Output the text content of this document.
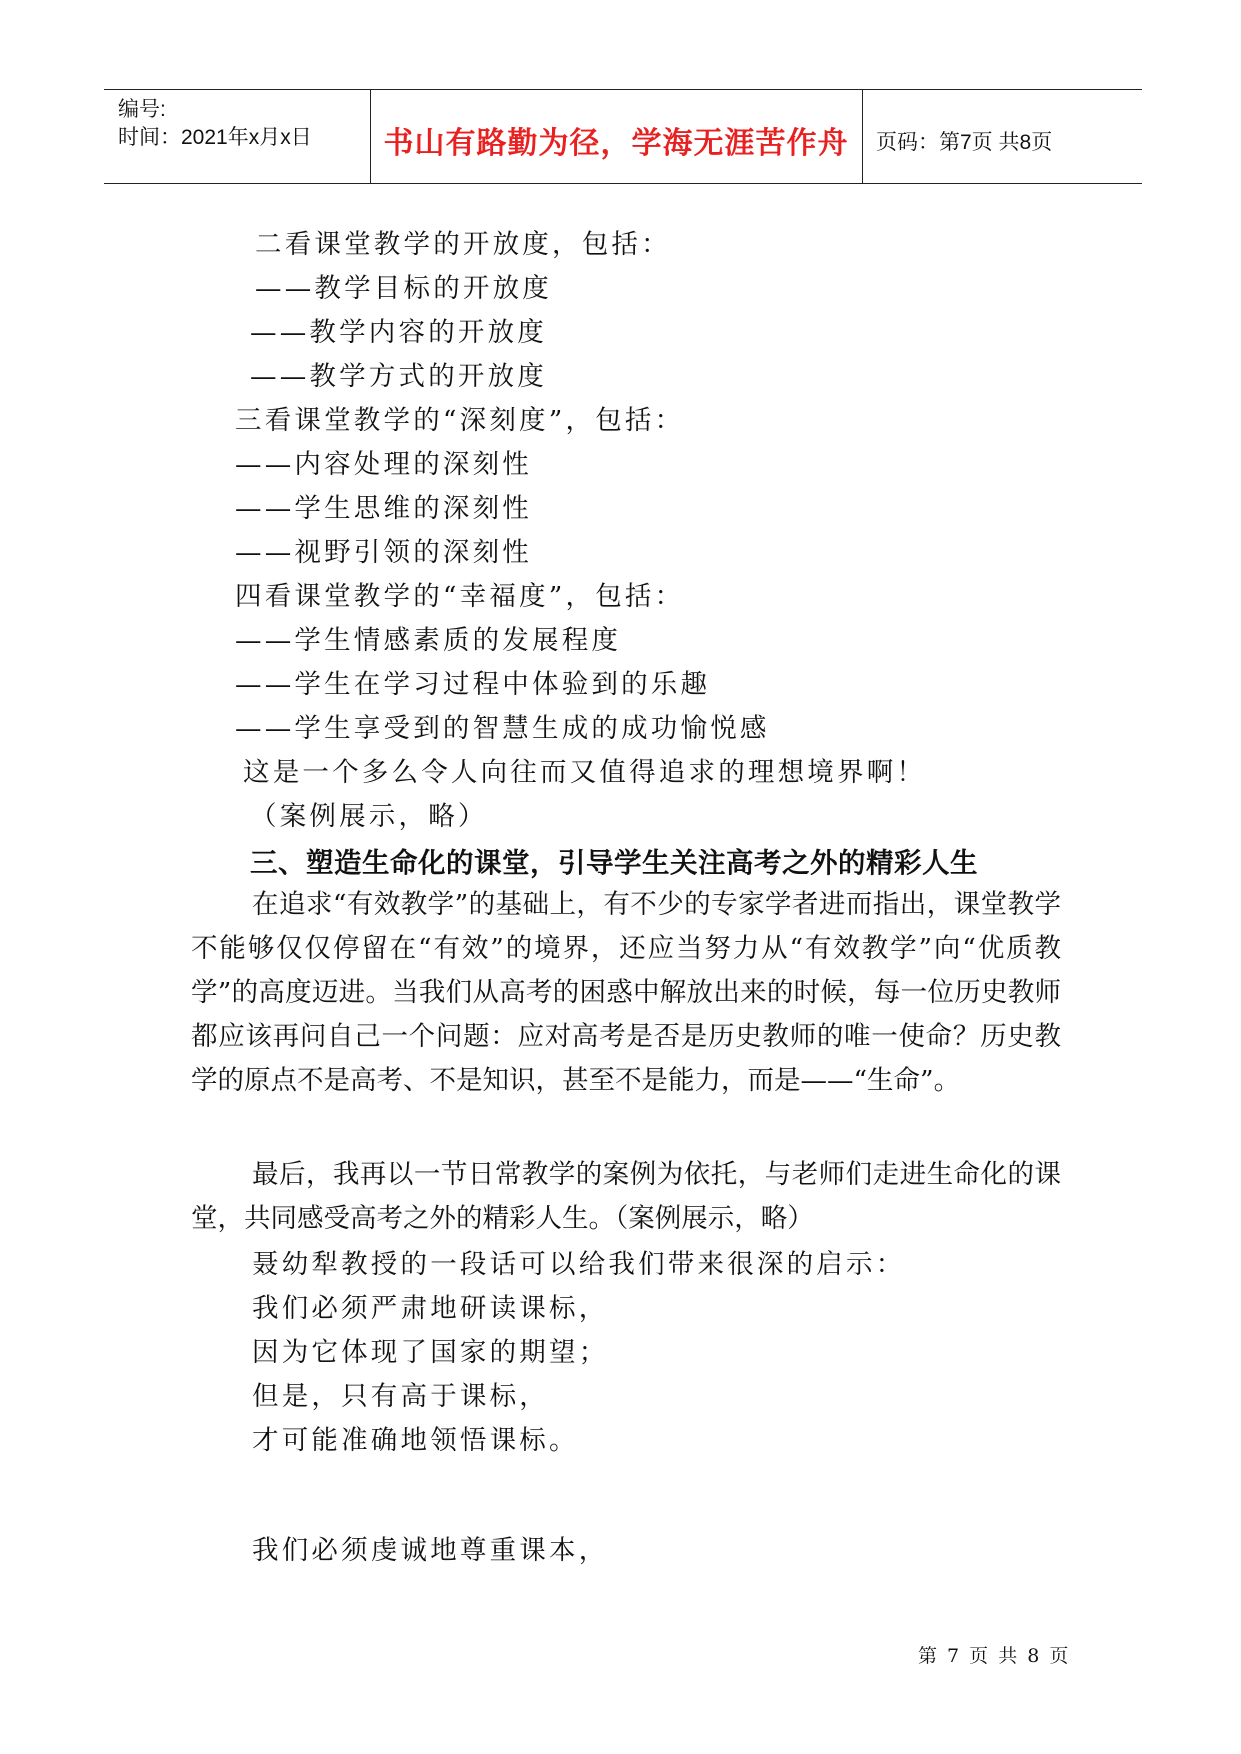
编号:
时间：2021年x月x日	书山有路勤为径，学海无涯苦作舟	页码：第7页 共8页
二看课堂教学的开放度，包括：
——教学目标的开放度
——教学内容的开放度
——教学方式的开放度
三看课堂教学的“深刻度”，包括：
——内容处理的深刻性
——学生思维的深刻性
——视野引领的深刻性
四看课堂教学的“幸福度”，包括：
——学生情感素质的发展程度
——学生在学习过程中体验到的乐趣
——学生享受到的智慧生成的成功愉悦感
这是一个多么令人向往而又值得追求的理想境界啊！
（案例展示，略）
三、塑造生命化的课堂，引导学生关注高考之外的精彩人生
在追求“有效教学”的基础上，有不少的专家学者进而指出，课堂教学不能够仅仅停留在“有效”的境界，还应当努力从“有效教学”向“优质教学”的高度迈进。当我们从高考的困惑中解放出来的时候，每一位历史教师都应该再问自己一个问题：应对高考是否是历史教师的唯一使命？历史教学的原点不是高考、不是知识，甚至不是能力，而是——“生命”。
最后，我再以一节日常教学的案例为依托，与老师们走进生命化的课堂，共同感受高考之外的精彩人生。（案例展示，略）
聂幼犁教授的一段话可以给我们带来很深的启示：
我们必须严肃地研读课标，
因为它体现了国家的期望；
但是，只有高于课标，
才可能准确地领悟课标。
我们必须虔诚地尊重课本，
第 7 页 共 8 页
